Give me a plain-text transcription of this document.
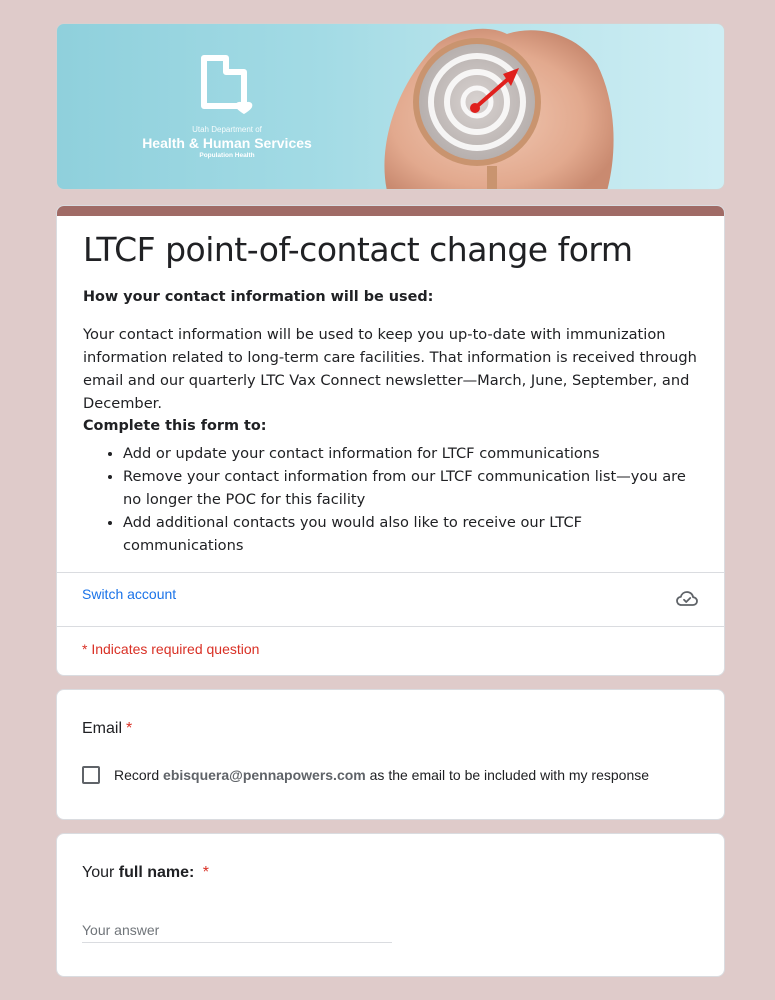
Utah Department of
Health & Human Services
Population Health
LTCF point-of-contact change form

How your contact information will be used:

Your contact information will be used to keep you up-to-date with immunization information related to long-term care facilities. That information is received through email and our quarterly LTC Vax Connect newsletter—March, June, September, and December.

Complete this form to:

• Add or update your contact information for LTCF communications
• Remove your contact information from our LTCF communication list—you are no longer the POC for this facility
• Add additional contacts you would also like to receive our LTCF communications
Switch account
* Indicates required question
Email *
Record ebisquera@pennapowers.com as the email to be included with my response
Your full name: *
Your answer
